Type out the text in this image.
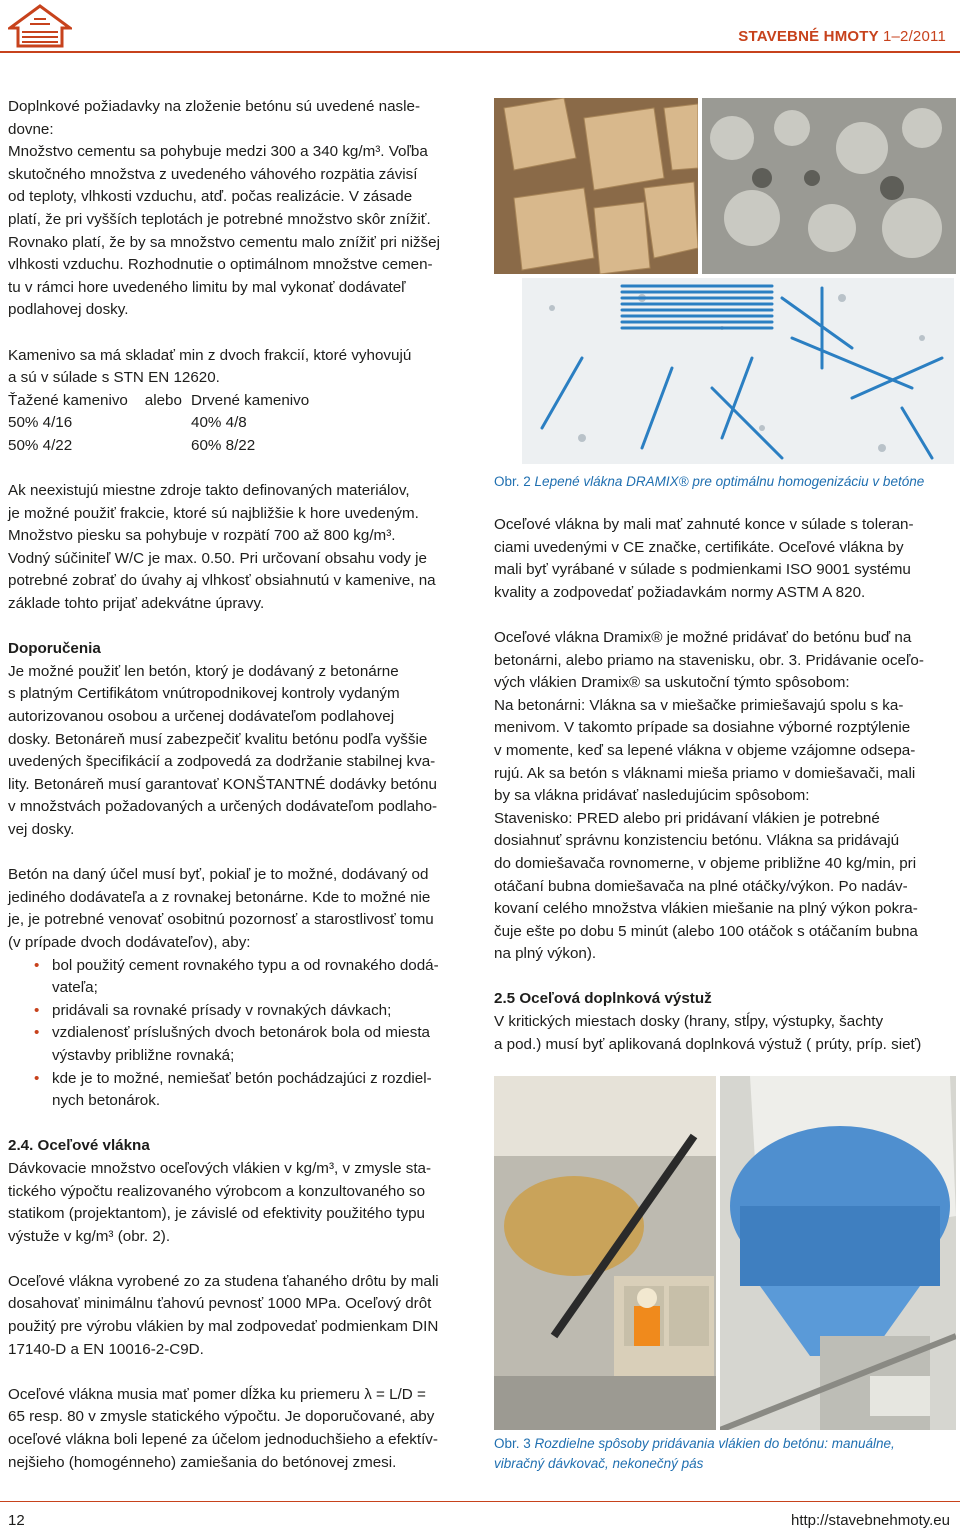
STAVEBNÉ HMOTY 1–2/2011

Doplnkové požiadavky na zloženie betónu sú uvedené nasle-
dovne:
Množstvo cementu sa pohybuje medzi 300 a 340 kg/m³. Voľba
skutočného množstva z uvedeného váhového rozpätia závisí
od teploty, vlhkosti vzduchu, atď. počas realizácie. V zásade
platí, že pri vyšších teplotách je potrebné množstvo skôr znížiť.
Rovnako platí, že by sa množstvo cementu malo znížiť pri nižšej
vlhkosti vzduchu. Rozhodnutie o optimálnom množstve cemen-
tu v rámci hore uvedeného limitu by mal vykonať dodávateľ
podlahovej dosky.

Kamenivo sa má skladať min z dvoch frakcií, ktoré vyhovujú
a sú v súlade s STN EN 12620.

Ťažené kamenivo    alebo Drvené kamenivo
50% 4/16	40% 4/8
50% 4/22	60% 8/22

Ak neexistujú miestne zdroje takto definovaných materiálov,
je možné použiť frakcie, ktoré sú najbližšie k hore uvedeným.
Množstvo piesku sa pohybuje v rozpätí 700 až 800 kg/m³.
Vodný súčiniteľ W/C je max. 0.50. Pri určovaní obsahu vody je
potrebné zobrať do úvahy aj vlhkosť obsiahnutú v kamenive, na
základe tohto prijať adekvátne úpravy.

Doporučenia

Je možné použiť len betón, ktorý je dodávaný z betonárne
s platným Certifikátom vnútropodnikovej kontroly vydaným
autorizovanou osobou a určenej dodávateľom podlahovej
dosky. Betonáreň musí zabezpečiť kvalitu betónu podľa vyššie
uvedených špecifikácií a zodpovedá za dodržanie stabilnej kva-
lity. Betonáreň musí garantovať KONŠTANTNÉ dodávky betónu
v množstvách požadovaných a určených dodávateľom podlaho-
vej dosky.

Betón na daný účel musí byť, pokiaľ je to možné, dodávaný od
jediného dodávateľa a z rovnakej betonárne. Kde to možné nie
je, je potrebné venovať osobitnú pozornosť a starostlivosť tomu
(v prípade dvoch dodávateľov), aby:

• bol použitý cement rovnakého typu a od rovnakého dodá-
vateľa;
• pridávali sa rovnaké prísady v rovnakých dávkach;
• vzdialenosť príslušných dvoch betonárok bola od miesta
výstavby približne rovnaká;
• kde je to možné, nemiešať betón pochádzajúci z rozdiel-
nych betonárok.
2.4. Oceľové vlákna

Dávkovacie množstvo oceľových vlákien v kg/m³, v zmysle sta-
tického výpočtu realizovaného výrobcom a konzultovaného so
statikom (projektantom), je závislé od efektivity použitého typu
výstuže v kg/m³ (obr. 2).

Oceľové vlákna vyrobené zo za studena ťahaného drôtu by mali
dosahovať minimálnu ťahovú pevnosť 1000 MPa. Oceľový drôt
použitý pre výrobu vlákien by mal zodpovedať podmienkam DIN
17140-D a EN 10016-2-C9D.

Oceľové vlákna musia mať pomer dĺžka ku priemeru λ = L/D =
65 resp. 80 v zmysle statického výpočtu. Je doporučované, aby
oceľové vlákna boli lepené za účelom jednoduchšieho a efektív-
nejšieho (homogénneho) zamiešania do betónovej zmesi.

Obr. 2 Lepené vlákna DRAMIX® pre optimálnu homogenizáciu v betóne

Oceľové vlákna by mali mať zahnuté konce v súlade s toleran-
ciami uvedenými v CE značke, certifikáte. Oceľové vlákna by
mali byť vyrábané v súlade s podmienkami ISO 9001 systému
kvality a zodpovedať požiadavkám normy ASTM A 820.

Oceľové vlákna Dramix® je možné pridávať do betónu buď na
betonárni, alebo priamo na stavenisku, obr. 3. Pridávanie oceľo-
vých vlákien Dramix® sa uskutoční týmto spôsobom:
Na betonárni: Vláknа sa v miešačke primiešavajú spolu s ka-
menivom. V takomto prípade sa dosiahne výborné rozptýlenie
v momente, keď sa lepené vlákna v objeme vzájomne odsepa-
rujú. Ak sa betón s vláknami mieša priamo v domiešavači, mali
by sa vlákna pridávať nasledujúcim spôsobom:
Stavenisko: PRED alebo pri pridávaní vlákien je potrebné
dosiahnuť správnu konzistenciu betónu. Vlákna sa pridávajú
do domiešavača rovnomerne, v objeme približne 40 kg/min, pri
otáčaní bubna domiešavača na plné otáčky/výkon. Po nadáv-
kovaní celého množstva vlákien miešanie na plný výkon pokra-
čuje ešte po dobu 5 minút (alebo 100 otáčok s otáčaním bubna
na plný výkon).

2.5 Oceľová doplnková výstuž

V kritických miestach dosky (hrany, stĺpy, výstupky, šachty
a pod.) musí byť aplikovaná doplnková výstuž ( prúty, príp. sieť)

Obr. 3 Rozdielne spôsoby pridávania vlákien do betónu: manuálne,
vibračný dávkovač, nekonečný pás
12	http://stavebnehmoty.eu
